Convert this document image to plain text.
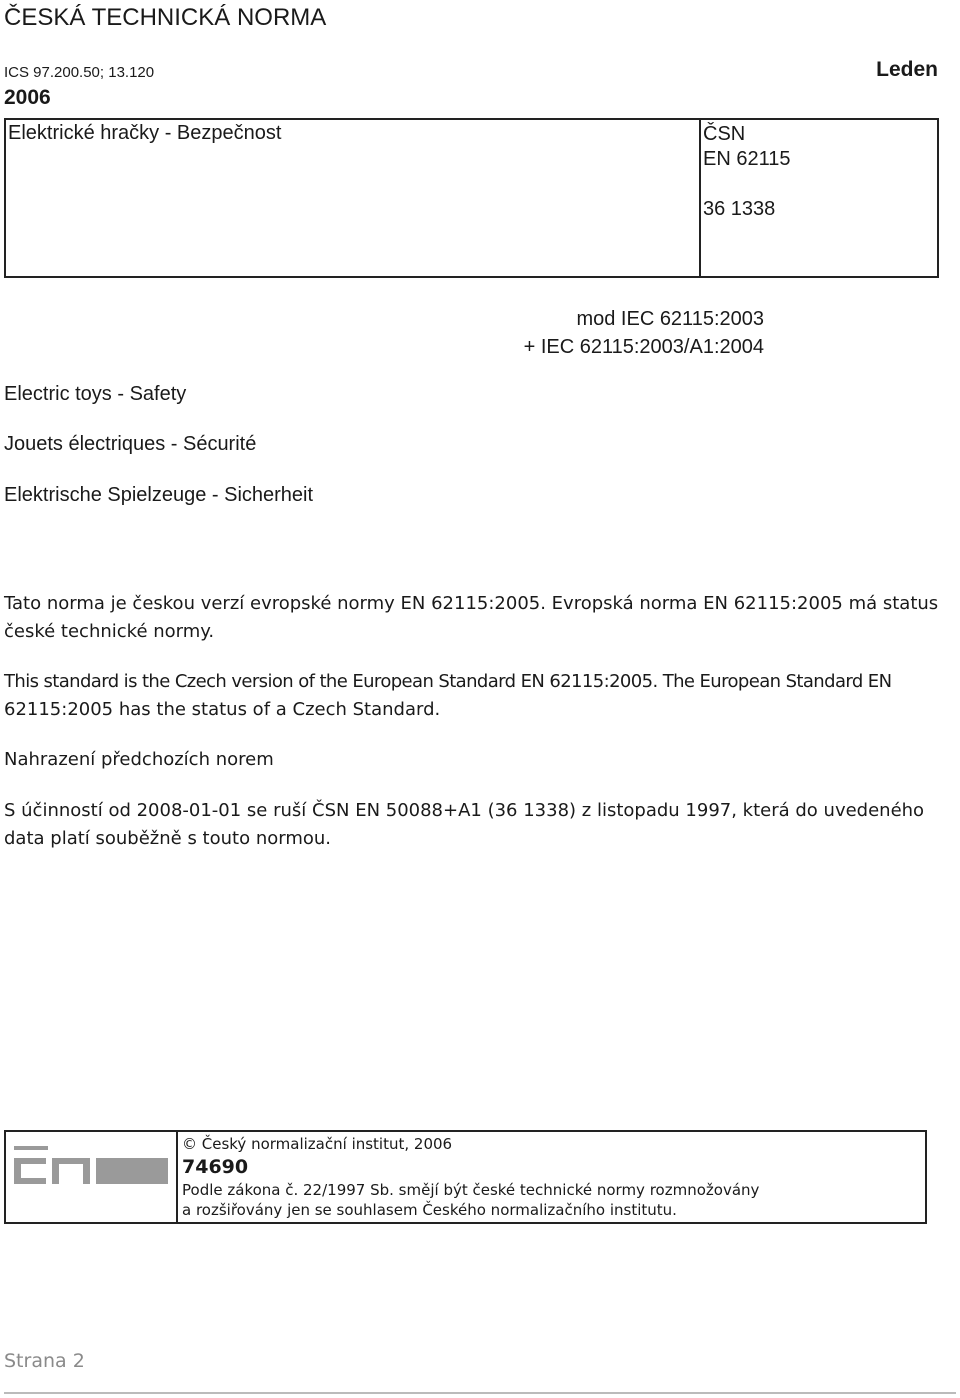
ČESKÁ TECHNICKÁ NORMA
ICS 97.200.50; 13.120	Leden
2006
Elektrické hračky - Bezpečnost	ČSN
EN 62115
36 1338
mod IEC 62115:2003
+ IEC 62115:2003/A1:2004
Electric toys - Safety
Jouets électriques - Sécurité
Elektrische Spielzeuge - Sicherheit
Tato norma je českou verzí evropské normy EN 62115:2005. Evropská norma EN 62115:2005 má status české technické normy.
This standard is the Czech version of the European Standard EN 62115:2005. The European Standard EN
62115:2005 has the status of a Czech Standard.
Nahrazení předchozích norem
S účinností od 2008-01-01 se ruší ČSN EN 50088+A1 (36 1338) z listopadu 1997, která do uvedeného data platí souběžně s touto normou.
© Český normalizační institut, 2006
74690
Podle zákona č. 22/1997 Sb. smějí být české technické normy rozmnožovány
a rozšiřovány jen se souhlasem Českého normalizačního institutu.
Strana 2
